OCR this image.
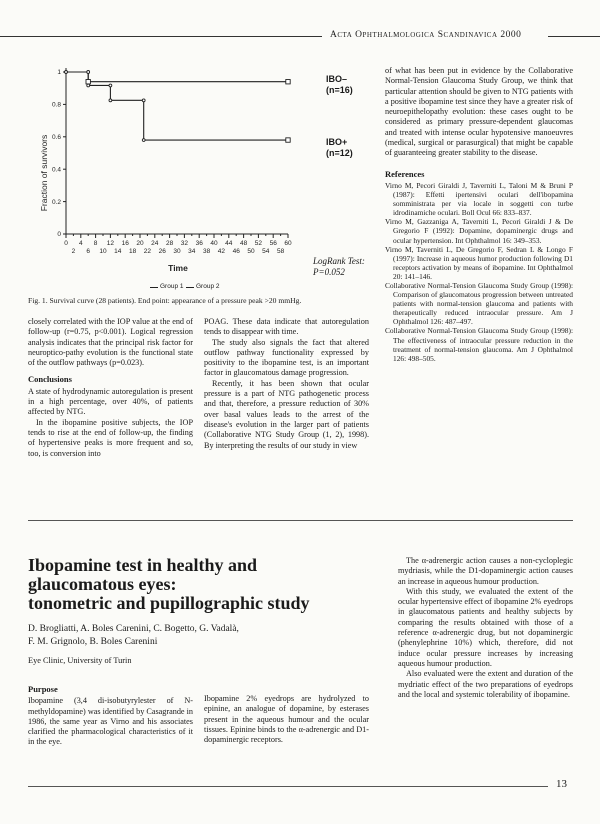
Acta Ophthalmologica Scandinavica 2000
0
0.2
0.4
0.6
0.8
1
0 4 8 12 16 20 24 28 32 36 40 44 48 52 56 60
2 6 10 14 18 22 26 30 34 38 42 46 50 54 58
Fraction of survivors
Time
IBO–
(n=16)
IBO+
(n=12)
LogRank Test:
P=0.052
Group 1 Group 2
Fig. 1. Survival curve (28 patients). End point: appearance of a pressure peak >20 mmHg.

closely correlated with the IOP value at the end of follow-up (r=0.75, p<0.001). Logical regression analysis indicates that the principal risk factor for neuroptico-pathy evolution is the functional state of the outflow pathways (p=0.023).

Conclusions

A state of hydrodynamic autoregulation is present in a high percentage, over 40%, of patients affected by NTG.

In the ibopamine positive subjects, the IOP tends to rise at the end of follow-up, the finding of hypertensive peaks is more frequent and so, too, is conversion into

POAG. These data indicate that autoregulation tends to disappear with time.

The study also signals the fact that altered outflow pathway functionality expressed by positivity to the ibopamine test, is an important factor in glaucomatous damage progression.

Recently, it has been shown that ocular pressure is a part of NTG pathogenetic process and that, therefore, a pressure reduction of 30% over basal values leads to the arrest of the disease's evolution in the larger part of patients (Collaborative NTG Study Group (1, 2), 1998). By interpreting the results of our study in view

of what has been put in evidence by the Collaborative Normal-Tension Glaucoma Study Group, we think that particular attention should be given to NTG patients with a positive ibopamine test since they have a greater risk of neuroepithelopathy evolution: these cases ought to be considered as primary pressure-dependent glaucomas and treated with intense ocular hypotensive manoeuvres (medical, surgical or parasurgical) that might be capable of guaranteeing greater stability to the disease.

References

Virno M, Pecori Giraldi J, Taverniti L, Taloni M & Bruni P (1987): Effetti ipertensivi oculari dell'ibopamina somministrata per via locale in soggetti con turbe idrodinamiche oculari. Boll Ocul 66: 833–837.

Virno M, Gazzaniga A, Taverniti L, Pecori Giraldi J & De Gregorio F (1992): Dopamine, dopaminergic drugs and ocular hypertension. Int Ophthalmol 16: 349–353.

Virno M, Taverniti L, De Gregorio F, Sedran L & Longo F (1997): Increase in aqueous humor production following D1 receptors activation by means of ibopamine. Int Ophthalmol 20: 141–146.

Collaborative Normal-Tension Glaucoma Study Group (1998): Comparison of glaucomatous progression between untreated patients with normal-tension glaucoma and patients with therapeutically reduced intraocular pressure. Am J Ophthalmol 126: 487–497.

Collaborative Normal-Tension Glaucoma Study Group (1998): The effectiveness of intraocular pressure reduction in the treatment of normal-tension glaucoma. Am J Ophthalmol 126: 498–505.

Ibopamine test in healthy and
glaucomatous eyes:
tonometric and pupillographic study
D. Brogliatti, A. Boles Carenini, C. Bogetto, G. Vadalà,
F. M. Grignolo, B. Boles Carenini
Eye Clinic, University of Turin
Purpose

Ibopamine (3,4 di-isobutyrylester of N-methyldopamine) was identified by Casagrande in 1986, the same year as Virno and his associates clarified the pharmacological characteristics of it in the eye.

Ibopamine 2% eyedrops are hydrolyzed to epinine, an analogue of dopamine, by esterases present in the aqueous humour and the ocular tissues. Epinine binds to the α-adrenergic and D1-dopaminergic receptors.

The α-adrenergic action causes a non-cycloplegic mydriasis, while the D1-dopaminergic action causes an increase in aqueous humour production.

With this study, we evaluated the extent of the ocular hypertensive effect of ibopamine 2% eyedrops in glaucomatous patients and healthy subjects by comparing the results obtained with those of a reference α-adrenergic drug, but not dopaminergic (phenylephrine 10%) which, therefore, did not induce ocular pressure increases by increasing aqueous humour production.

Also evaluated were the extent and duration of the mydriatic effect of the two preparations of eyedrops and the local and systemic tolerability of ibopamine.

13
